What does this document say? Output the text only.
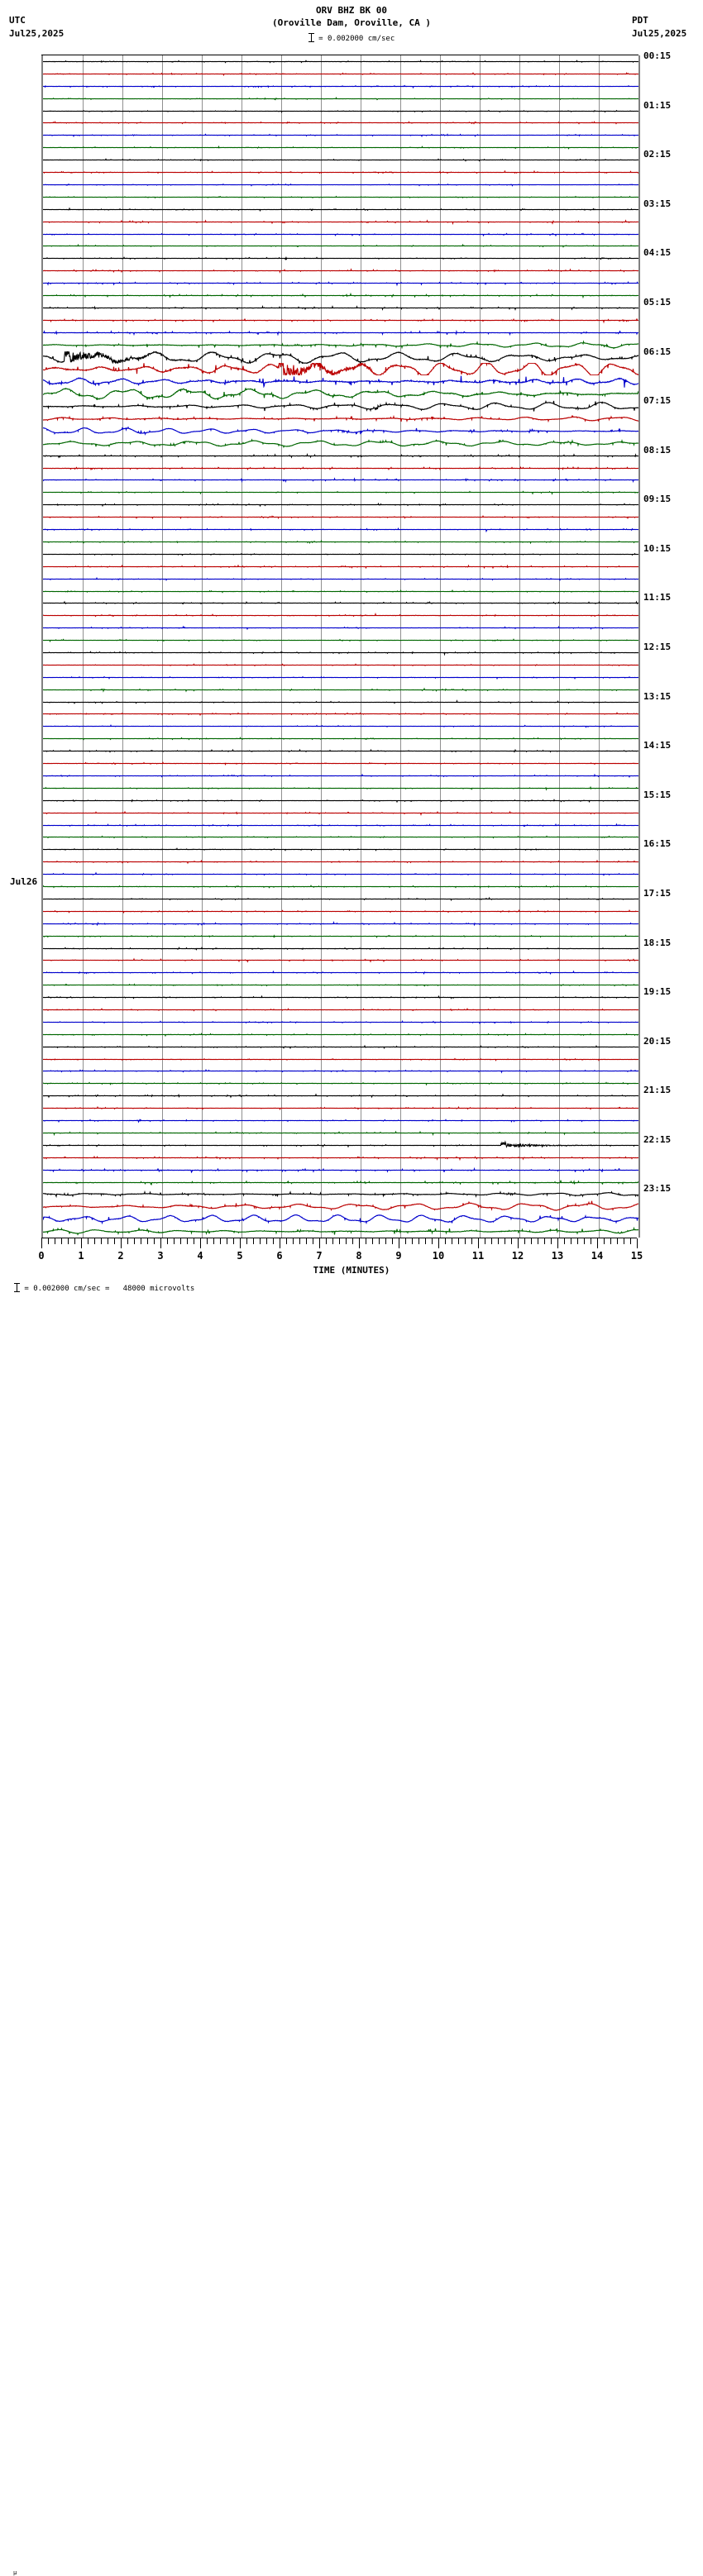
UTC
Jul25,2025
PDT
Jul25,2025
ORV BHZ BK 00
(Oroville Dam, Oroville, CA )
= 0.002000 cm/sec
Jul26
00:15
01:15
02:15
03:15
04:15
05:15
06:15
07:15
08:15
09:15
10:15
11:15
12:15
13:15
14:15
15:15
16:15
17:15
18:15
19:15
20:15
21:15
22:15
23:15
0	1	2	3	4	5	6	7	8	9	10	11	12	13	14	15
TIME (MINUTES)
μ
= 0.002000 cm/sec =   48000 microvolts
